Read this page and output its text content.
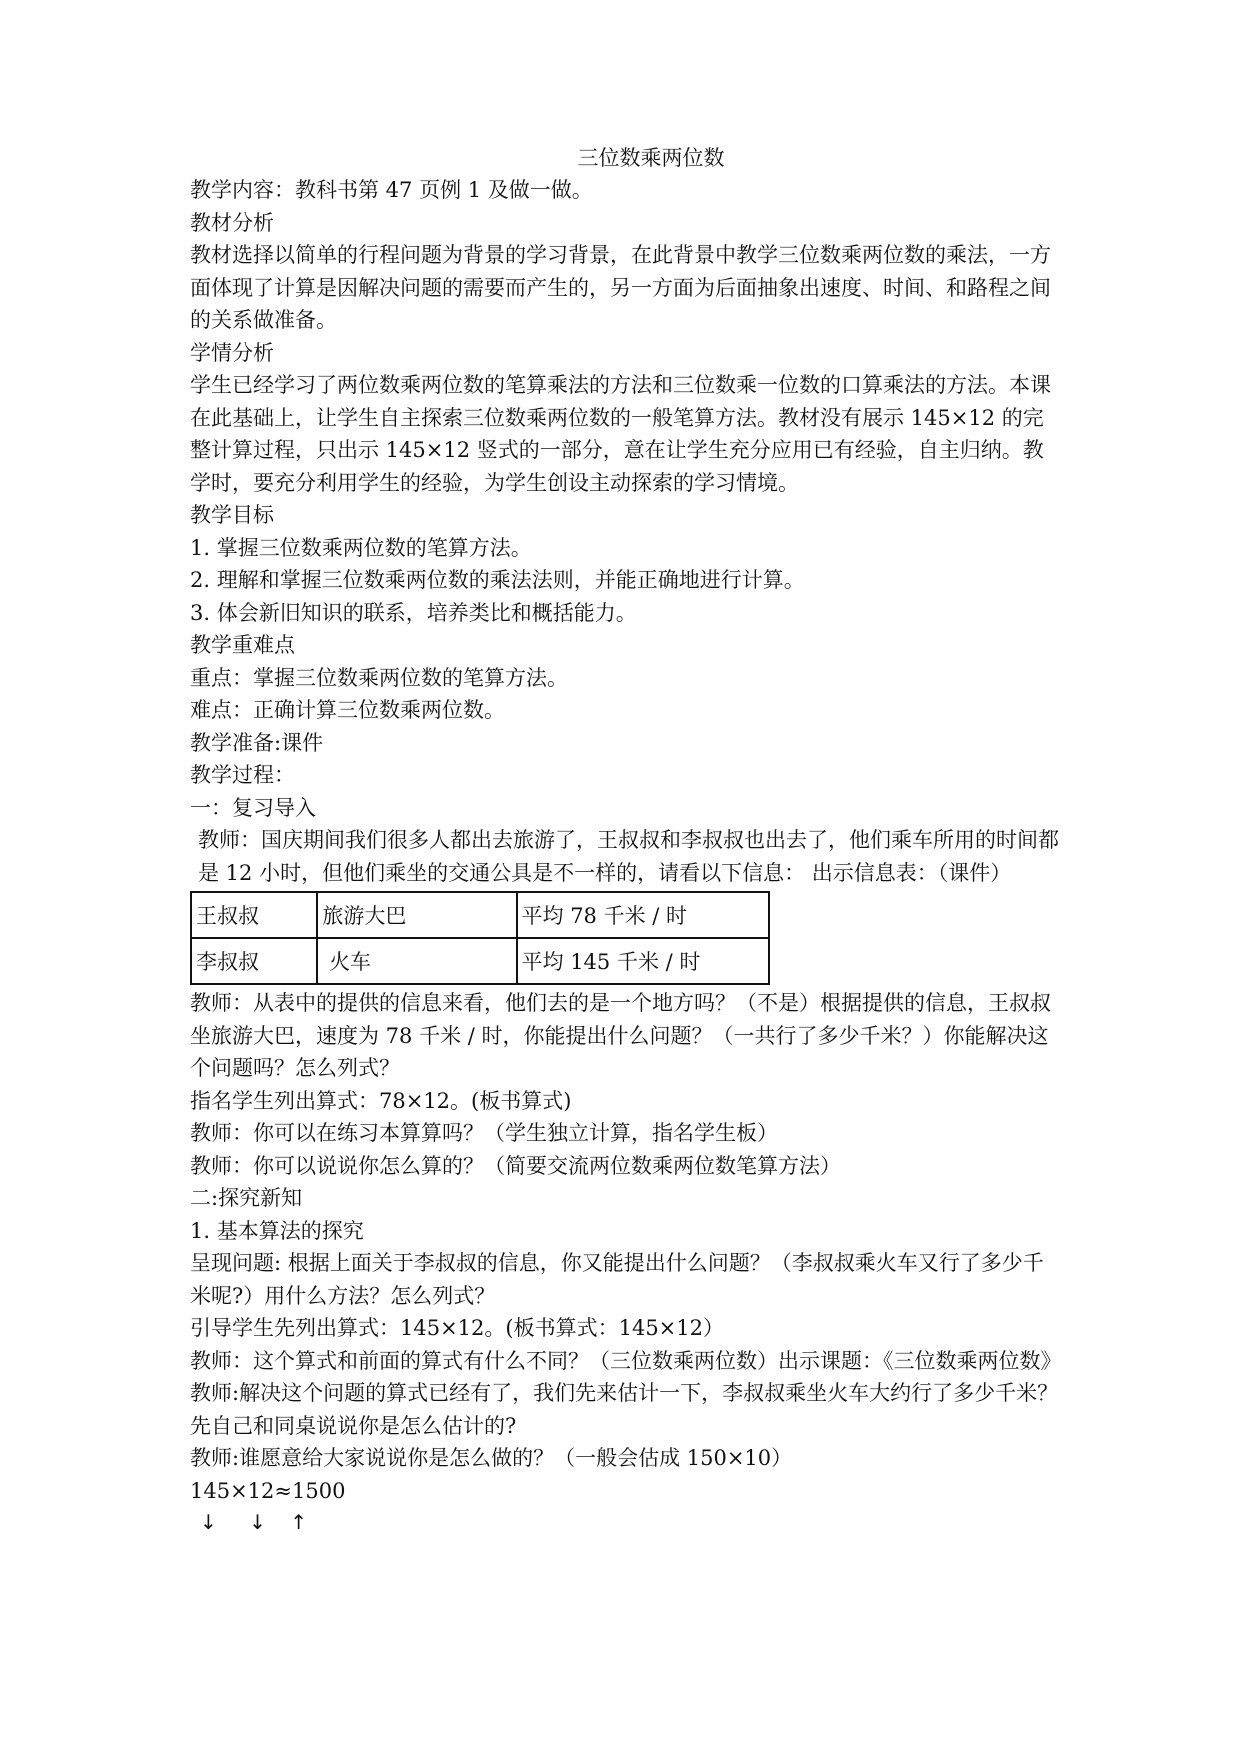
三位数乘两位数
教学内容：教科书第 47 页例 1 及做一做。
教材分析
教材选择以简单的行程问题为背景的学习背景，在此背景中教学三位数乘两位数的乘法，一方面体现了计算是因解决问题的需要而产生的，另一方面为后面抽象出速度、时间、和路程之间的关系做准备。
学情分析
学生已经学习了两位数乘两位数的笔算乘法的方法和三位数乘一位数的口算乘法的方法。本课在此基础上，让学生自主探索三位数乘两位数的一般笔算方法。教材没有展示 145×12 的完整计算过程，只出示 145×12 竖式的一部分，意在让学生充分应用已有经验，自主归纳。教学时，要充分利用学生的经验，为学生创设主动探索的学习情境。
教学目标
1. 掌握三位数乘两位数的笔算方法。
2. 理解和掌握三位数乘两位数的乘法法则，并能正确地进行计算。
3. 体会新旧知识的联系，培养类比和概括能力。
教学重难点
重点：掌握三位数乘两位数的笔算方法。
难点：正确计算三位数乘两位数。
教学准备:课件
教学过程：
一：复习导入
教师：国庆期间我们很多人都出去旅游了，王叔叔和李叔叔也出去了，他们乘车所用的时间都是 12 小时，但他们乘坐的交通公具是不一样的，请看以下信息： 出示信息表：（课件）
王叔叔	旅游大巴	平均 78 千米 / 时
李叔叔	火车	平均 145 千米 / 时
教师：从表中的提供的信息来看，他们去的是一个地方吗？（不是）根据提供的信息，王叔叔坐旅游大巴，速度为 78 千米 / 时，你能提出什么问题？（一共行了多少千米？）你能解决这个问题吗？怎么列式？
指名学生列出算式：78×12。(板书算式)
教师：你可以在练习本算算吗？（学生独立计算，指名学生板）
教师：你可以说说你怎么算的？（简要交流两位数乘两位数笔算方法）
二:探究新知
1. 基本算法的探究
呈现问题: 根据上面关于李叔叔的信息，你又能提出什么问题？（李叔叔乘火车又行了多少千米呢?）用什么方法？怎么列式？
引导学生先列出算式：145×12。(板书算式：145×12）
教师：这个算式和前面的算式有什么不同？（三位数乘两位数）出示课题：《三位数乘两位数》
教师:解决这个问题的算式已经有了，我们先来估计一下，李叔叔乘坐火车大约行了多少千米？先自己和同桌说说你是怎么估计的?
教师:谁愿意给大家说说你是怎么做的？（一般会估成 150×10）
145×12≈1500
↓ ↓ ↑
